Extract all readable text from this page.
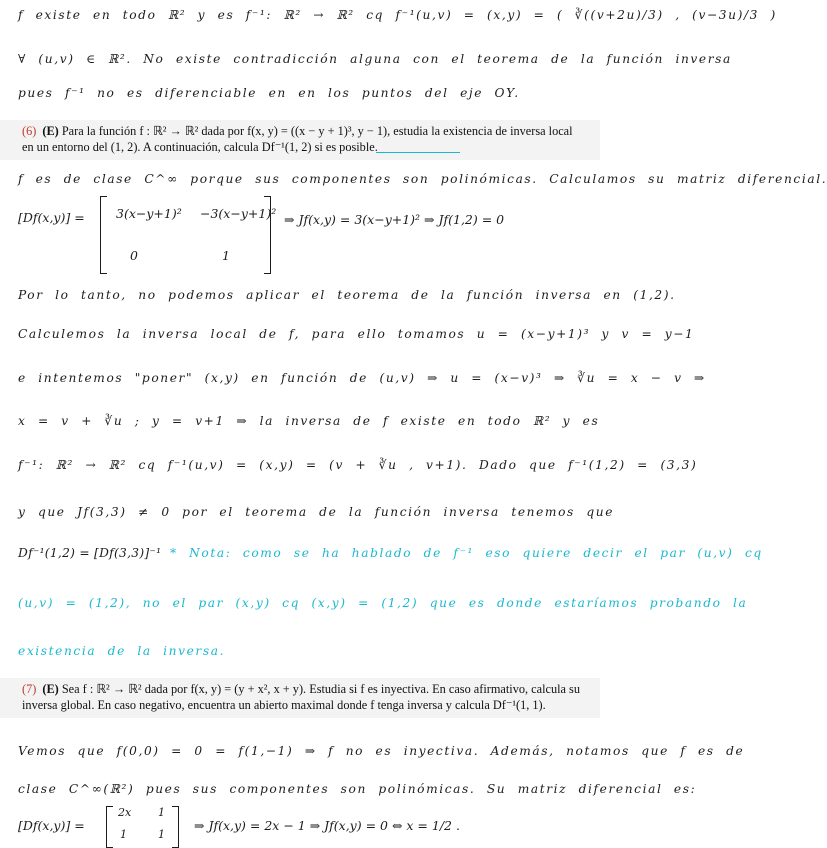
f existe en todo ℝ² y es f⁻¹: ℝ² → ℝ² cq f⁻¹(u,v) = (x,y) = ( ∛((v+2u)/3) , (v−3u)/3 )
∀ (u,v) ∈ ℝ². No existe contradicción alguna con el teorema de la función inversa
pues f⁻¹ no es diferenciable en en los puntos del eje OY.
(6) (E) Para la función f : ℝ² → ℝ² dada por f(x, y) = ((x − y + 1)³, y − 1), estudia la existencia de inversa local en un entorno del (1, 2). A continuación, calcula Df⁻¹(1, 2) si es posible.
f es de clase C^∞ porque sus componentes son polinómicas. Calculamos su matriz diferencial.
[Df(x,y)] =	3(x−y+1)² −3(x−y+1)²
0	1
⇒ Jf(x,y) = 3(x−y+1)² ⇒ Jf(1,2) = 0
Por lo tanto, no podemos aplicar el teorema de la función inversa en (1,2).
Calculemos la inversa local de f, para ello tomamos u = (x−y+1)³ y v = y−1
e intentemos "poner" (x,y) en función de (u,v) ⇒ u = (x−v)³ ⇒ ∛u = x − v ⇒
x = v + ∛u ; y = v+1 ⇒ la inversa de f existe en todo ℝ² y es
f⁻¹: ℝ² → ℝ² cq f⁻¹(u,v) = (x,y) = (v + ∛u , v+1). Dado que f⁻¹(1,2) = (3,3)
y que Jf(3,3) ≠ 0 por el teorema de la función inversa tenemos que
Df⁻¹(1,2) = [Df(3,3)]⁻¹ * Nota: como se ha hablado de f⁻¹ eso quiere decir el par (u,v) cq
(u,v) = (1,2), no el par (x,y) cq (x,y) = (1,2) que es donde estaríamos probando la
existencia de la inversa.
(7) (E) Sea f : ℝ² → ℝ² dada por f(x, y) = (y + x², x + y). Estudia si f es inyectiva. En caso afirmativo, calcula su inversa global. En caso negativo, encuentra un abierto maximal donde f tenga inversa y calcula Df⁻¹(1, 1).
Vemos que f(0,0) = 0 = f(1,−1) ⇒ f no es inyectiva. Además, notamos que f es de
clase C^∞(ℝ²) pues sus componentes son polinómicas. Su matriz diferencial es:
[Df(x,y)] =
2x 1
1	1
⇒ Jf(x,y) = 2x − 1 ⇒ Jf(x,y) = 0 ⇔ x = 1/2 .
